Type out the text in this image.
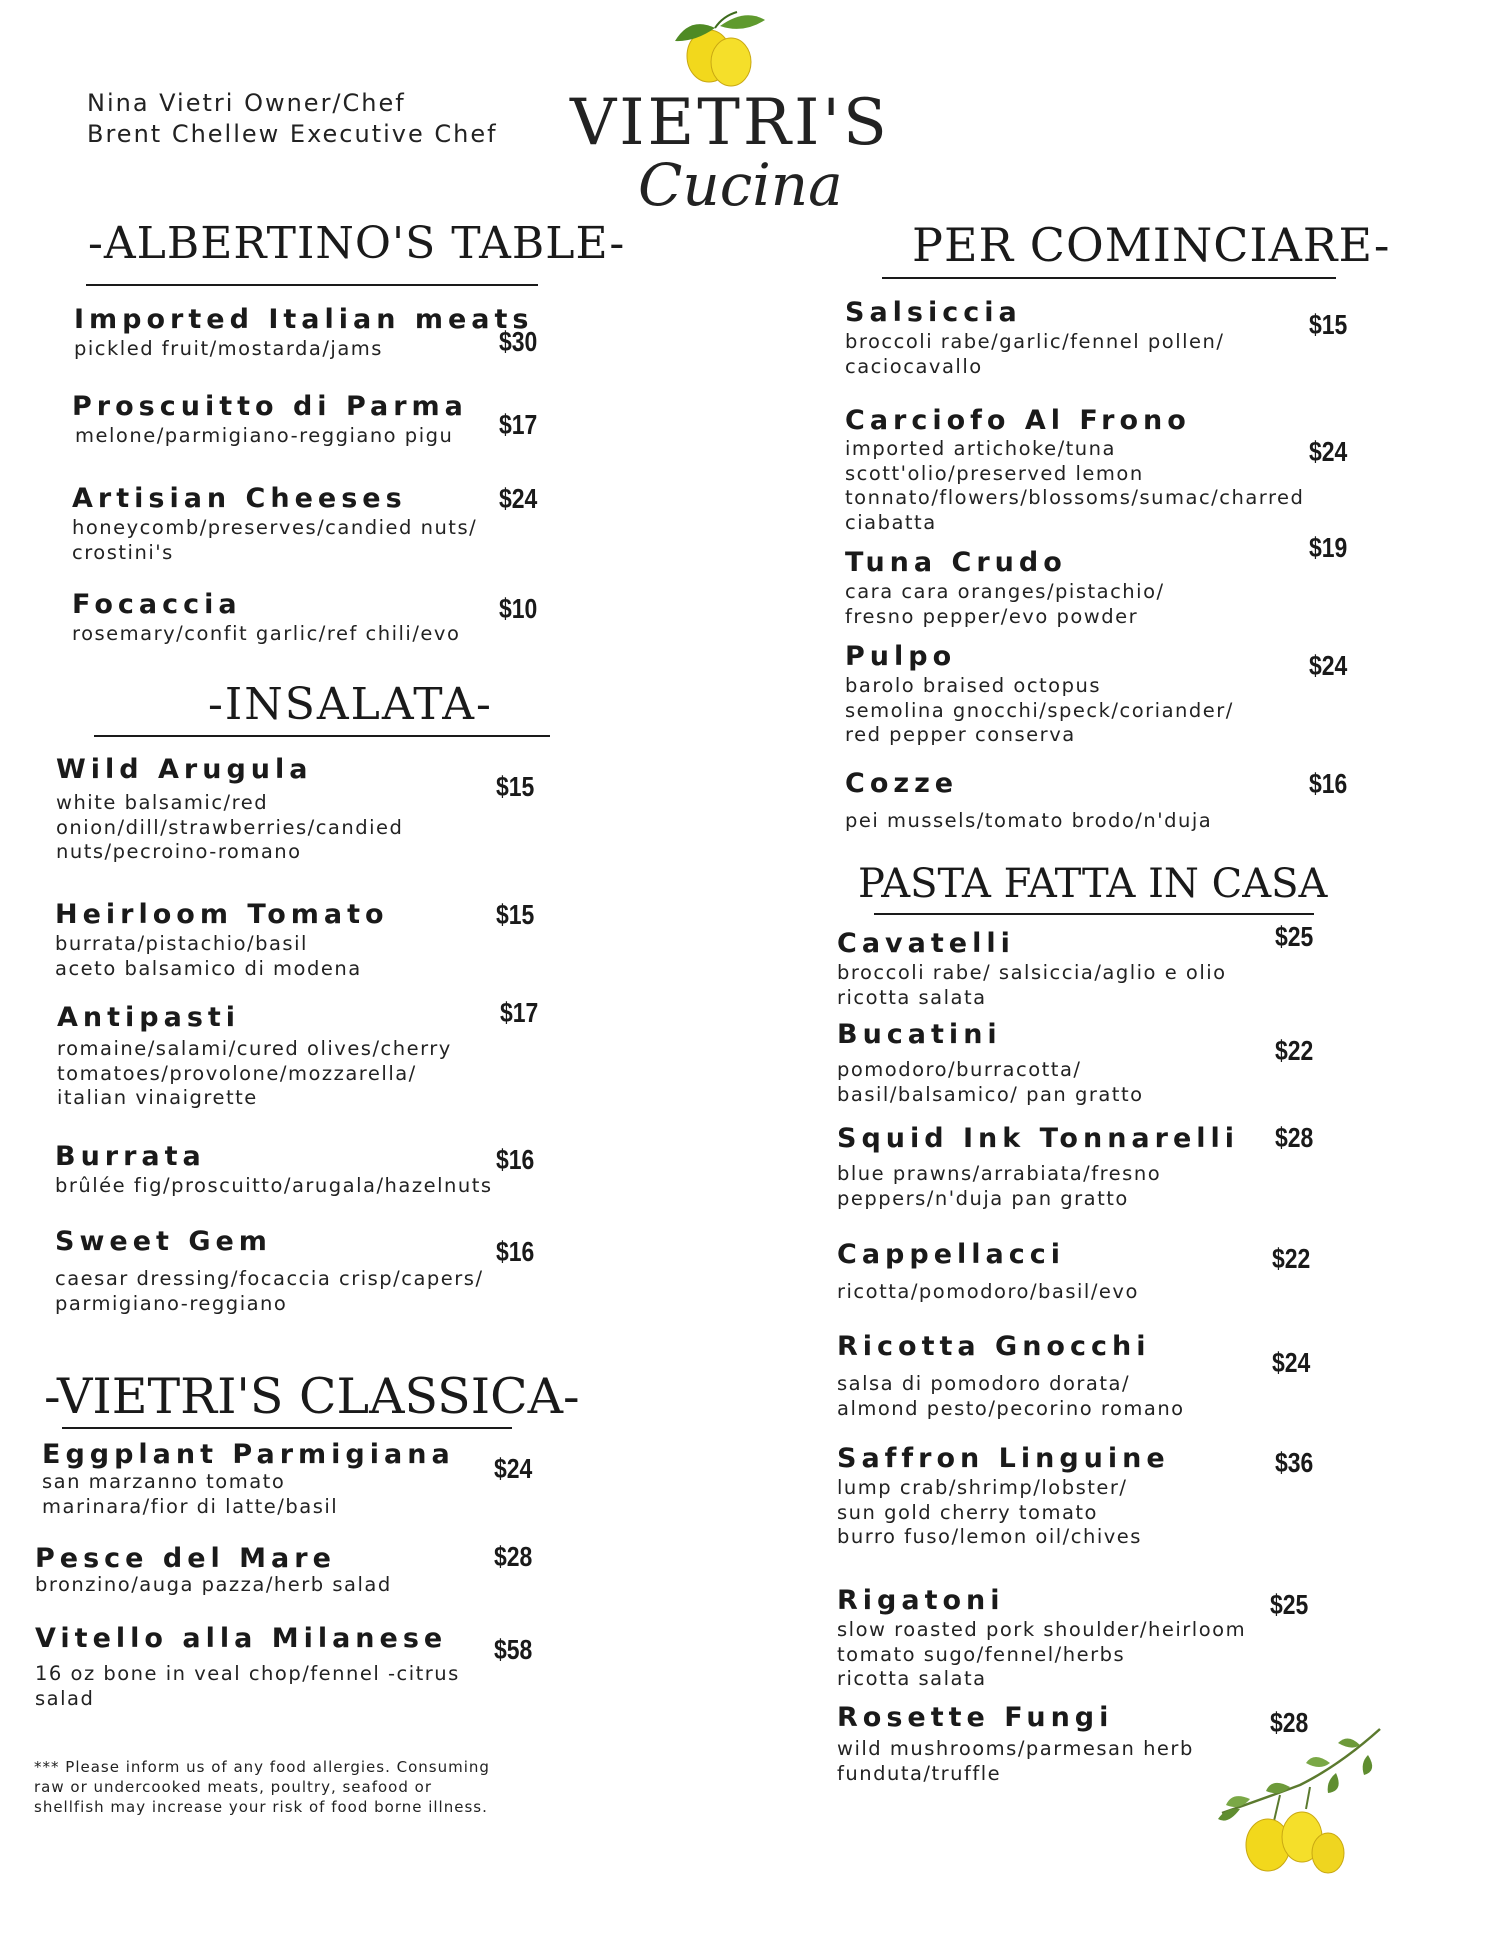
Nina Vietri Owner/Chef
Brent Chellew Executive Chef VIETRI'S
Cucina
-ALBERTINO'S TABLE-
-INSALATA-
-VIETRI'S CLASSICA-
PER COMINCIARE-
PASTA FATTA IN CASA
Imported Italian meats
pickled fruit/mostarda/jams	$30
Proscuitto di Parma
melone/parmigiano-reggiano pigu	$17
Artisian Cheeses
honeycomb/preserves/candied nuts/
crostini's
$24
Focaccia
rosemary/confit garlic/ref chili/evo
$10
Wild Arugula
white balsamic/red
onion/dill/strawberries/candied
nuts/pecroino-romano
$15
Heirloom Tomato
burrata/pistachio/basil
aceto balsamico di modena
$15
Antipasti
romaine/salami/cured olives/cherry
tomatoes/provolone/mozzarella/
italian vinaigrette
$17
Burrata
brûlée fig/proscuitto/arugala/hazelnuts
$16
Sweet Gem
caesar dressing/focaccia crisp/capers/
parmigiano-reggiano
$16
Eggplant Parmigiana
san marzanno tomato
marinara/fior di latte/basil
$24
Pesce del Mare
bronzino/auga pazza/herb salad
$28
Vitello alla Milanese
16 oz bone in veal chop/fennel -citrus
salad
$58
Salsiccia
broccoli rabe/garlic/fennel pollen/
caciocavallo
$15
Carciofo Al Frono
imported artichoke/tuna
scott'olio/preserved lemon
tonnato/flowers/blossoms/sumac/charred
ciabatta
$24
Tuna Crudo
cara cara oranges/pistachio/
fresno pepper/evo powder
$19
Pulpo
barolo braised octopus
semolina gnocchi/speck/coriander/
red pepper conserva
$24
Cozze
pei mussels/tomato brodo/n'duja
$16
Cavatelli
broccoli rabe/ salsiccia/aglio e olio
ricotta salata
$25
Bucatini
pomodoro/burracotta/
basil/balsamico/ pan gratto
$22
Squid Ink Tonnarelli
blue prawns/arrabiata/fresno
peppers/n'duja pan gratto
$28
Cappellacci
ricotta/pomodoro/basil/evo
$22
Ricotta Gnocchi
salsa di pomodoro dorata/
almond pesto/pecorino romano
$24
Saffron Linguine
lump crab/shrimp/lobster/
sun gold cherry tomato
burro fuso/lemon oil/chives
$36
Rigatoni
slow roasted pork shoulder/heirloom
tomato sugo/fennel/herbs
ricotta salata
$25
Rosette Fungi
wild mushrooms/parmesan herb
funduta/truffle
$28
*** Please inform us of any food allergies. Consuming raw or undercooked meats, poultry, seafood or shellfish may increase your risk of food borne illness.
